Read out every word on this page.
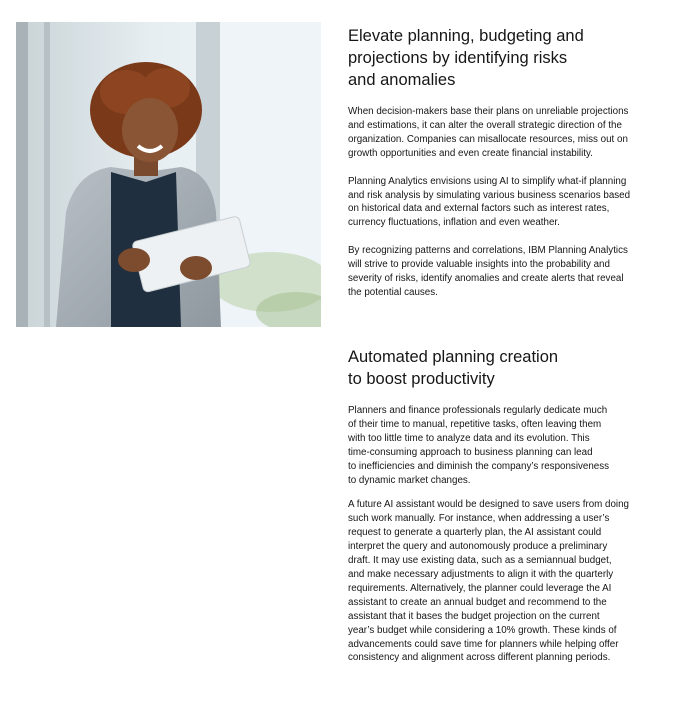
Elevate planning, budgeting and
projections by identifying risks
and anomalies

When decision-makers base their plans on unreliable projections
and estimations, it can alter the overall strategic direction of the
organization. Companies can misallocate resources, miss out on
growth opportunities and even create financial instability.

Planning Analytics envisions using AI to simplify what-if planning
and risk analysis by simulating various business scenarios based
on historical data and external factors such as interest rates,
currency fluctuations, inflation and even weather.

By recognizing patterns and correlations, IBM Planning Analytics
will strive to provide valuable insights into the probability and
severity of risks, identify anomalies and create alerts that reveal
the potential causes.

Automated planning creation
to boost productivity

Planners and finance professionals regularly dedicate much
of their time to manual, repetitive tasks, often leaving them
with too little time to analyze data and its evolution. This
time-consuming approach to business planning can lead
to inefficiencies and diminish the company’s responsiveness
to dynamic market changes.

A future AI assistant would be designed to save users from doing
such work manually. For instance, when addressing a user’s
request to generate a quarterly plan, the AI assistant could
interpret the query and autonomously produce a preliminary
draft. It may use existing data, such as a semiannual budget,
and make necessary adjustments to align it with the quarterly
requirements. Alternatively, the planner could leverage the AI
assistant to create an annual budget and recommend to the
assistant that it bases the budget projection on the current
year’s budget while considering a 10% growth. These kinds of
advancements could save time for planners while helping offer
consistency and alignment across different planning periods.
